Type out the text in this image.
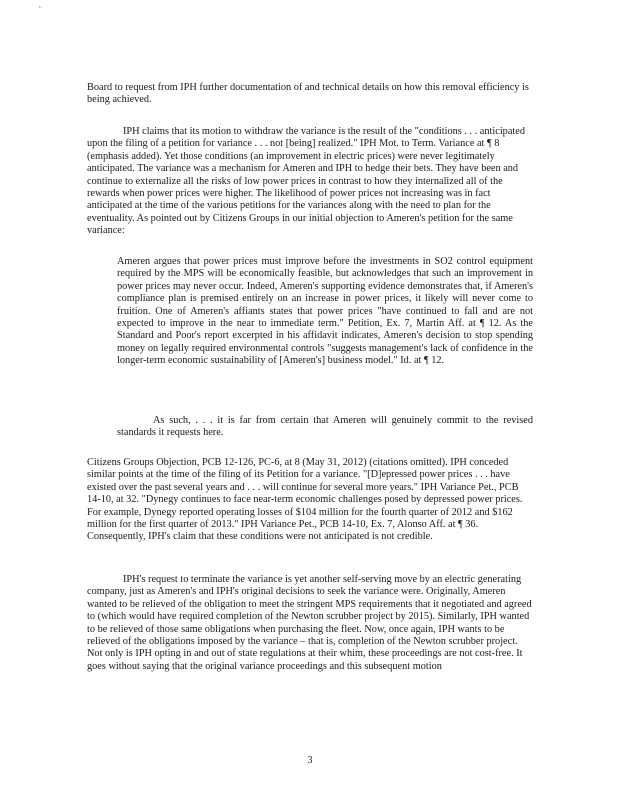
`

Board to request from IPH further documentation of and technical details on how this removal efficiency is being achieved.

IPH claims that its motion to withdraw the variance is the result of the "conditions . . . anticipated upon the filing of a petition for variance . . . not [being] realized." IPH Mot. to Term. Variance at ¶ 8 (emphasis added). Yet those conditions (an improvement in electric prices) were never legitimately anticipated. The variance was a mechanism for Ameren and IPH to hedge their bets. They have been and continue to externalize all the risks of low power prices in contrast to how they internalized all of the rewards when power prices were higher. The likelihood of power prices not increasing was in fact anticipated at the time of the various petitions for the variances along with the need to plan for the eventuality. As pointed out by Citizens Groups in our initial objection to Ameren's petition for the same variance:

Ameren argues that power prices must improve before the investments in SO2 control equipment required by the MPS will be economically feasible, but acknowledges that such an improvement in power prices may never occur. Indeed, Ameren's supporting evidence demonstrates that, if Ameren's compliance plan is premised entirely on an increase in power prices, it likely will never come to fruition. One of Ameren's affiants states that power prices "have continued to fall and are not expected to improve in the near to immediate term." Petition, Ex. 7, Martin Aff. at ¶ 12. As the Standard and Poor's report excerpted in his affidavit indicates, Ameren's decision to stop spending money on legally required environmental controls "suggests management's lack of confidence in the longer-term economic sustainability of [Ameren's] business model." Id. at ¶ 12.

As such, . . . it is far from certain that Ameren will genuinely commit to the revised standards it requests here.

Citizens Groups Objection, PCB 12-126, PC-6, at 8 (May 31, 2012) (citations omitted). IPH conceded similar points at the time of the filing of its Petition for a variance. "[D]epressed power prices . . . have existed over the past several years and . . . will continue for several more years." IPH Variance Pet., PCB 14-10, at 32. "Dynegy continues to face near-term economic challenges posed by depressed power prices. For example, Dynegy reported operating losses of $104 million for the fourth quarter of 2012 and $162 million for the first quarter of 2013." IPH Variance Pet., PCB 14-10, Ex. 7, Alonso Aff. at ¶ 36. Consequently, IPH's claim that these conditions were not anticipated is not credible.

IPH's request to terminate the variance is yet another self-serving move by an electric generating company, just as Ameren's and IPH's original decisions to seek the variance were. Originally, Ameren wanted to be relieved of the obligation to meet the stringent MPS requirements that it negotiated and agreed to (which would have required completion of the Newton scrubber project by 2015). Similarly, IPH wanted to be relieved of those same obligations when purchasing the fleet. Now, once again, IPH wants to be relieved of the obligations imposed by the variance – that is, completion of the Newton scrubber project. Not only is IPH opting in and out of state regulations at their whim, these proceedings are not cost-free. It goes without saying that the original variance proceedings and this subsequent motion

3
